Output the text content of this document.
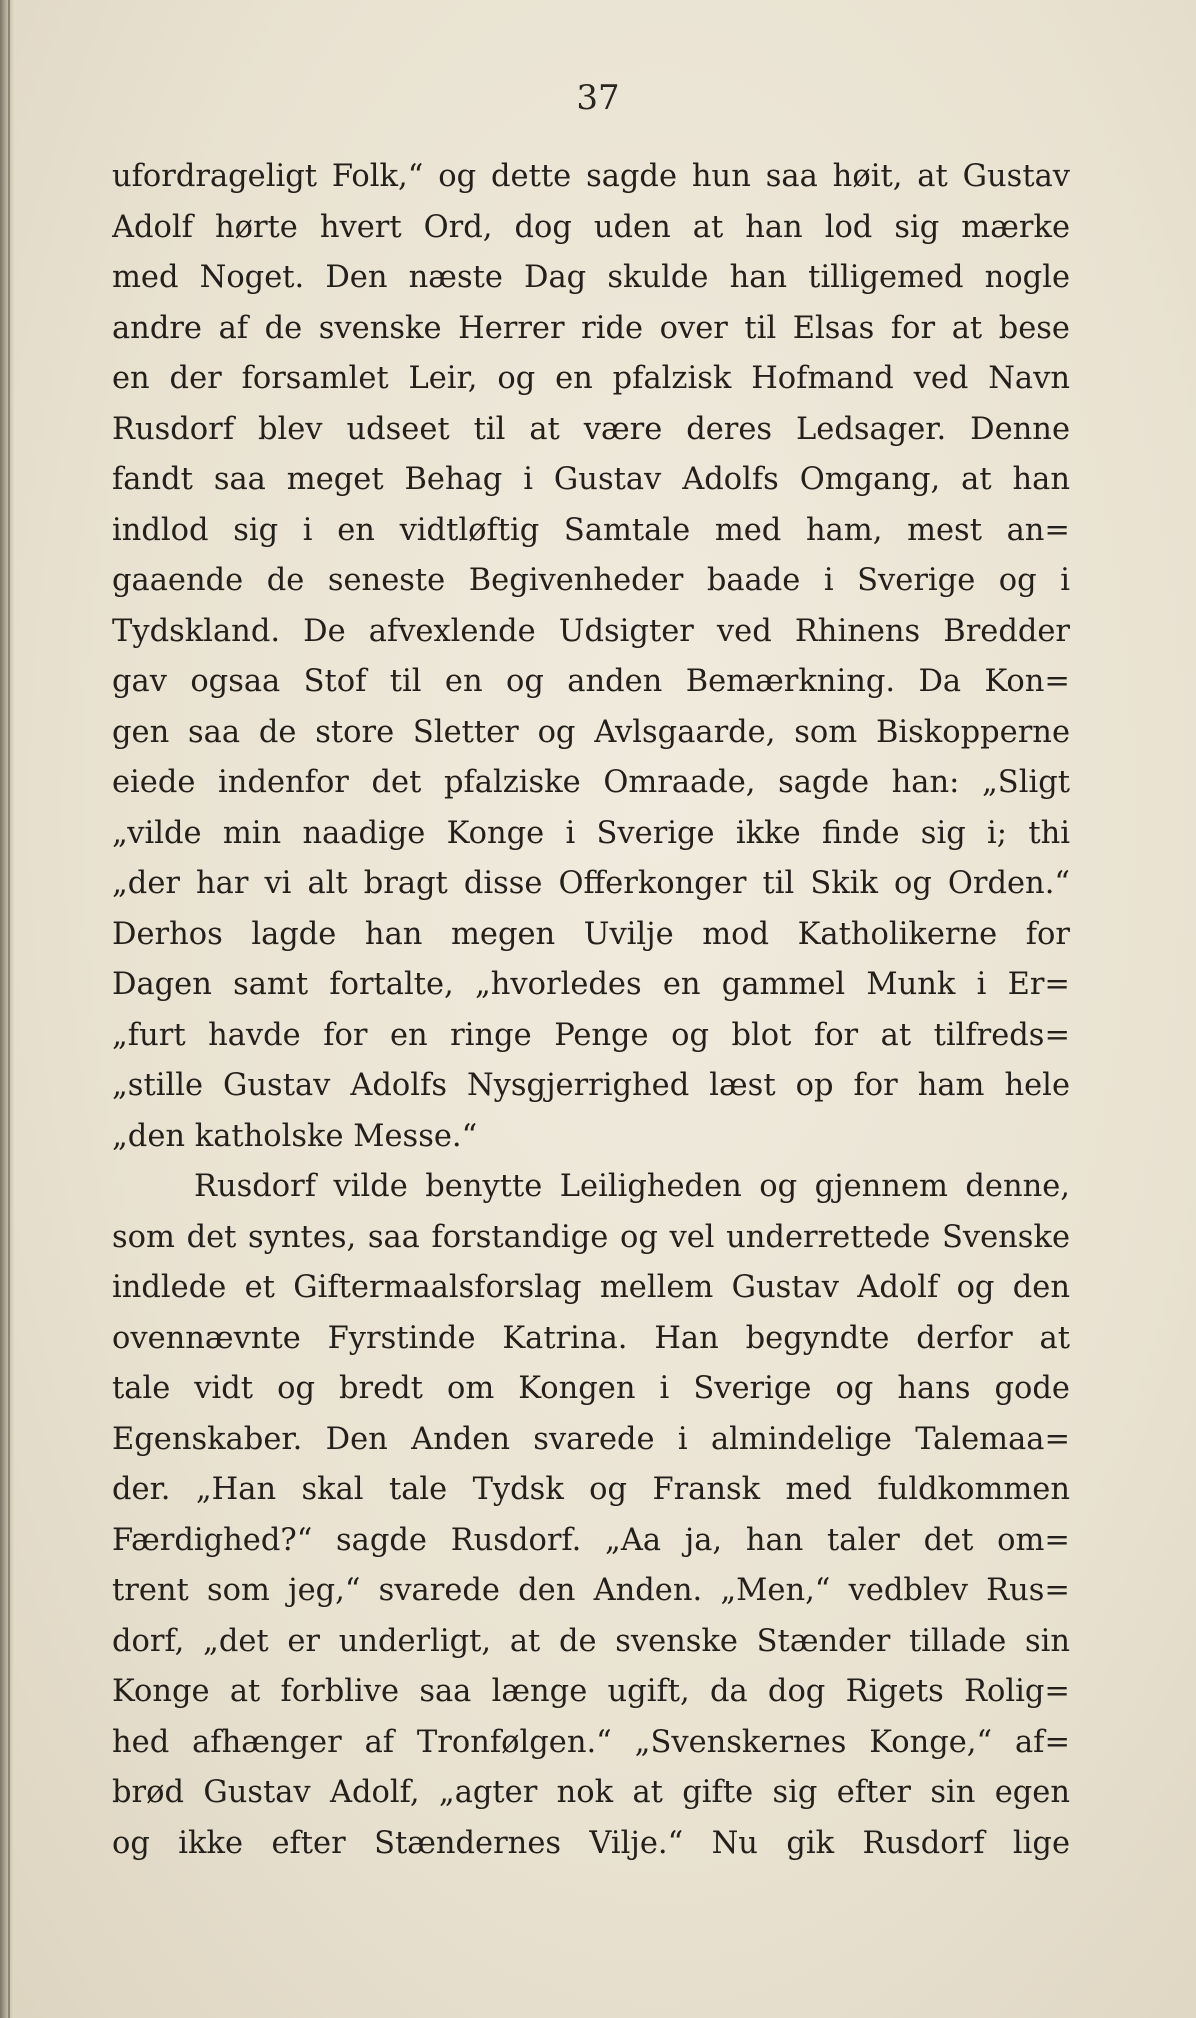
37
ufordrageligt Folk,“ og dette sagde hun saa høit, at Gustav
Adolf hørte hvert Ord, dog uden at han lod sig mærke
med Noget. Den næste Dag skulde han tilligemed nogle
andre af de svenske Herrer ride over til Elsas for at bese
en der forsamlet Leir, og en pfalzisk Hofmand ved Navn
Rusdorf blev udseet til at være deres Ledsager. Denne
fandt saa meget Behag i Gustav Adolfs Omgang, at han
indlod sig i en vidtløftig Samtale med ham, mest an=
gaaende de seneste Begivenheder baade i Sverige og i
Tydskland. De afvexlende Udsigter ved Rhinens Bredder
gav ogsaa Stof til en og anden Bemærkning. Da Kon=
gen saa de store Sletter og Avlsgaarde, som Biskopperne
eiede indenfor det pfalziske Omraade, sagde han: „Sligt
„vilde min naadige Konge i Sverige ikke finde sig i; thi
„der har vi alt bragt disse Offerkonger til Skik og Orden.“
Derhos lagde han megen Uvilje mod Katholikerne for
Dagen samt fortalte, „hvorledes en gammel Munk i Er=
„furt havde for en ringe Penge og blot for at tilfreds=
„stille Gustav Adolfs Nysgjerrighed læst op for ham hele
„den katholske Messe.“
Rusdorf vilde benytte Leiligheden og gjennem denne,
som det syntes, saa forstandige og vel underrettede Svenske
indlede et Giftermaalsforslag mellem Gustav Adolf og den
ovennævnte Fyrstinde Katrina. Han begyndte derfor at
tale vidt og bredt om Kongen i Sverige og hans gode
Egenskaber. Den Anden svarede i almindelige Talemaa=
der. „Han skal tale Tydsk og Fransk med fuldkommen
Færdighed?“ sagde Rusdorf. „Aa ja, han taler det om=
trent som jeg,“ svarede den Anden. „Men,“ vedblev Rus=
dorf, „det er underligt, at de svenske Stænder tillade sin
Konge at forblive saa længe ugift, da dog Rigets Rolig=
hed afhænger af Tronfølgen.“ „Svenskernes Konge,“ af=
brød Gustav Adolf, „agter nok at gifte sig efter sin egen
og ikke efter Stændernes Vilje.“ Nu gik Rusdorf lige
